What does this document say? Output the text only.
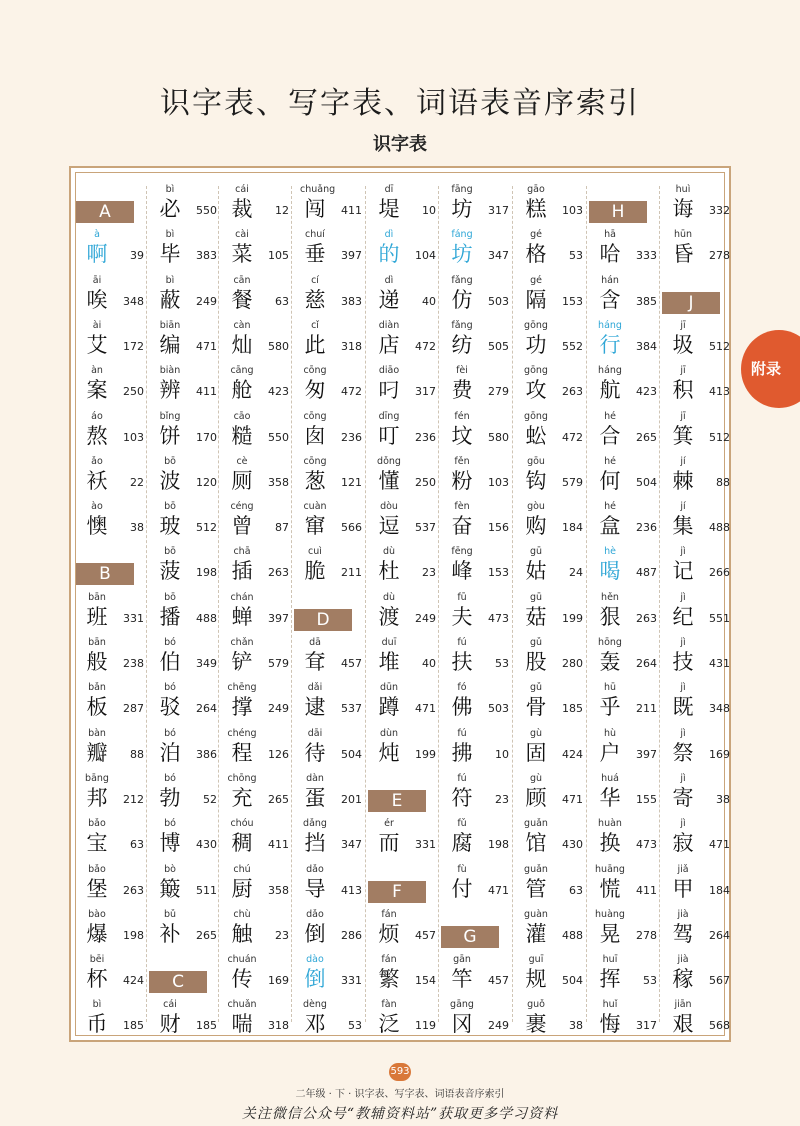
识字表、写字表、词语表音序索引
识字表
A
à
啊	39
āi
唉	348
ài
艾	172
àn
案	250
áo
熬	103
ǎo
袄	22
ào
懊	38
B
bān
班	331
bān
般	238
bǎn
板	287
bàn
瓣	88
bāng
邦	212
bǎo
宝	63
bǎo
堡	263
bào
爆	198
bēi
杯	424
bì
币	185
bì
必	550
bì
毕	383
bì
蔽	249
biān
编	471
biàn
辨	411
bǐng
饼	170
bō
波	120
bō
玻	512
bō
菠	198
bō
播	488
bó
伯	349
bó
驳	264
bó
泊	386
bó
勃	52
bó
博	430
bò
簸	511
bǔ
补	265
C
cái
财	185
cái
裁	12
cài
菜	105
cān
餐	63
càn
灿	580
cāng
舱	423
cāo
糙	550
cè
厕	358
céng
曾	87
chā
插	263
chán
蝉	397
chǎn
铲	579
chēng
撑	249
chéng
程	126
chōng
充	265
chóu
稠	411
chú
厨	358
chù
触	23
chuán
传	169
chuǎn
喘	318
chuǎng
闯	411
chuí
垂	397
cí
慈	383
cǐ
此	318
cōng
匆	472
cōng
囱	236
cōng
葱	121
cuàn
窜	566
cuì
脆	211
D
dā
耷	457
dǎi
逮	537
dāi
待	504
dàn
蛋	201
dǎng
挡	347
dǎo
导	413
dǎo
倒	286
dào
倒	331
dèng
邓	53
dī
堤	10
dì
的	104
dì
递	40
diàn
店	472
diāo
叼	317
dīng
叮	236
dǒng
懂	250
dòu
逗	537
dù
杜	23
dù
渡	249
duī
堆	40
dūn
蹲	471
dùn
炖	199
E
ér
而	331
F
fán
烦	457
fán
繁	154
fàn
泛	119
fāng
坊	317
fáng
坊	347
fǎng
仿	503
fǎng
纺	505
fèi
费	279
fén
坟	580
fěn
粉	103
fèn
奋	156
fēng
峰	153
fū
夫	473
fú
扶	53
fó
佛	503
fú
拂	10
fú
符	23
fǔ
腐	198
fù
付	471
G
gān
竿	457
gāng
冈	249
gāo
糕	103
gé
格	53
gé
隔	153
gōng
功	552
gōng
攻	263
gōng
蚣	472
gōu
钩	579
gòu
购	184
gū
姑	24
gū
菇	199
gǔ
股	280
gǔ
骨	185
gù
固	424
gù
顾	471
guǎn
馆	430
guǎn
管	63
guàn
灌	488
guī
规	504
guǒ
裹	38
H
hā
哈	333
hán
含	385
háng
行	384
háng
航	423
hé
合	265
hé
何	504
hé
盒	236
hè
喝	487
hěn
狠	263
hōng
轰	264
hū
乎	211
hù
户	397
huá
华	155
huàn
换	473
huāng
慌	411
huàng
晃	278
huī
挥	53
huǐ
悔	317
huì
诲	332
hūn
昏	278
J
jī
圾	512
jī
积	413
jī
箕	512
jí
棘	88
jí
集	488
jì
记	266
jì
纪	551
jì
技	431
jì
既	348
jì
祭	169
jì
寄	38
jì
寂	471
jiǎ
甲	184
jià
驾	264
jià
稼	567
jiān
艰	568
附录
593
二年级 · 下 · 识字表、写字表、词语表音序索引
关注微信公众号“教辅资料站”获取更多学习资料
